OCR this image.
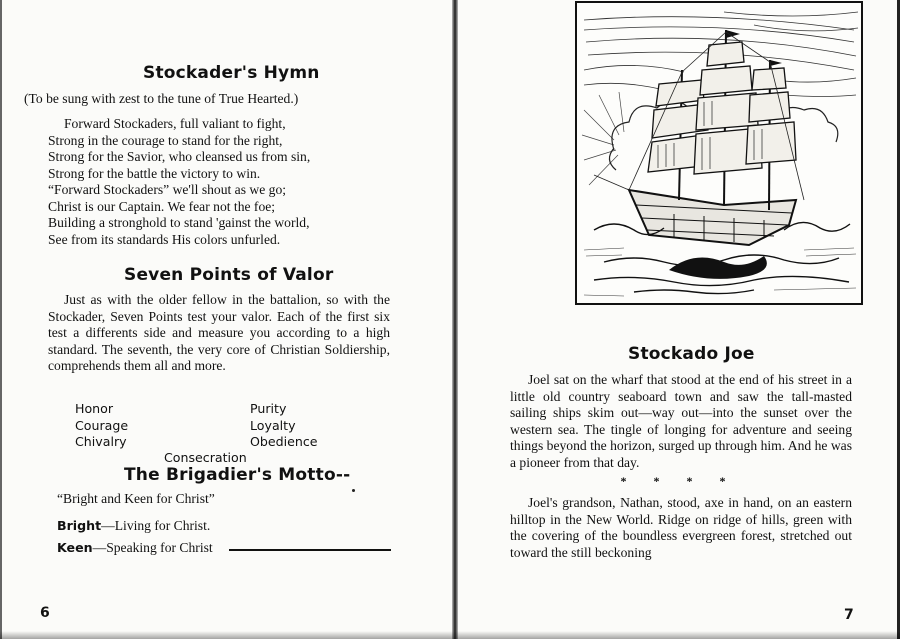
Stockader's Hymn
(To be sung with zest to the tune of True Hearted.)
Forward Stockaders, full valiant to fight,
Strong in the courage to stand for the right,
Strong for the Savior, who cleansed us from sin,
Strong for the battle the victory to win.
“Forward Stockaders” we'll shout as we go;
Christ is our Captain. We fear not the foe;
Building a stronghold to stand 'gainst the world,
See from its standards His colors unfurled.
Seven Points of Valor
Just as with the older fellow in the battalion, so with the Stockader, Seven Points test your valor. Each of the first six test a differents side and measure you according to a high standard. The seventh, the very core of Christian Soldiership, comprehends them all and more.
Honor
Courage
Chivalry
Purity
Loyalty
Obedience
Consecration
The Brigadier's Motto--
“Bright and Keen for Christ”
Bright—Living for Christ.
Keen—Speaking for Christ
6
Stockado Joe
Joel sat on the wharf that stood at the end of his street in a little old country seaboard town and saw the tall-masted sailing ships skim out—way out—into the sunset over the western sea. The tingle of longing for adventure and seeing things beyond the horizon, surged up through him. And he was a pioneer from that day.
* * * *
Joel's grandson, Nathan, stood, axe in hand, on an eastern hilltop in the New World. Ridge on ridge of hills, green with the covering of the boundless evergreen forest, stretched out toward the still beckoning
7
